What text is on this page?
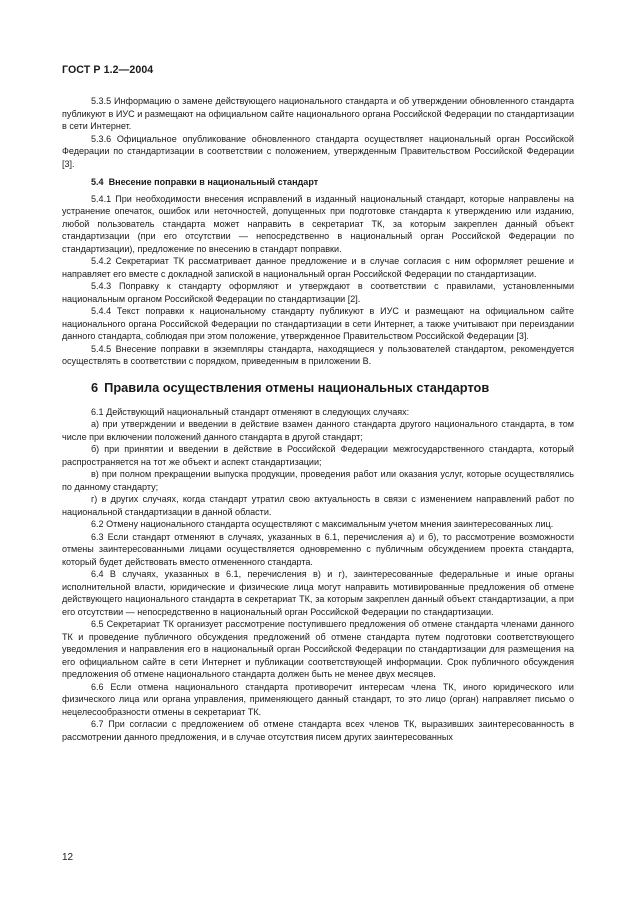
ГОСТ Р 1.2—2004

5.3.5 Информацию о замене действующего национального стандарта и об утверждении обновленного стандарта публикуют в ИУС и размещают на официальном сайте национального органа Российской Федерации по стандартизации в сети Интернет.

5.3.6 Официальное опубликование обновленного стандарта осуществляет национальный орган Российской Федерации по стандартизации в соответствии с положением, утвержденным Правительством Российской Федерации [3].

5.4 Внесение поправки в национальный стандарт

5.4.1 При необходимости внесения исправлений в изданный национальный стандарт, которые направлены на устранение опечаток, ошибок или неточностей, допущенных при подготовке стандарта к утверждению или изданию, любой пользователь стандарта может направить в секретариат ТК, за которым закреплен данный объект стандартизации (при его отсутствии — непосредственно в национальный орган Российской Федерации по стандартизации), предложение по внесению в стандарт поправки.

5.4.2 Секретариат ТК рассматривает данное предложение и в случае согласия с ним оформляет решение и направляет его вместе с докладной запиской в национальный орган Российской Федерации по стандартизации.

5.4.3 Поправку к стандарту оформляют и утверждают в соответствии с правилами, установленными национальным органом Российской Федерации по стандартизации [2].

5.4.4 Текст поправки к национальному стандарту публикуют в ИУС и размещают на официальном сайте национального органа Российской Федерации по стандартизации в сети Интернет, а также учитывают при переиздании данного стандарта, соблюдая при этом положение, утвержденное Правительством Российской Федерации [3].

5.4.5 Внесение поправки в экземпляры стандарта, находящиеся у пользователей стандартом, рекомендуется осуществлять в соответствии с порядком, приведенным в приложении В.

6 Правила осуществления отмены национальных стандартов

6.1 Действующий национальный стандарт отменяют в следующих случаях:

а) при утверждении и введении в действие взамен данного стандарта другого национального стандарта, в том числе при включении положений данного стандарта в другой стандарт;

б) при принятии и введении в действие в Российской Федерации межгосударственного стандарта, который распространяется на тот же объект и аспект стандартизации;

в) при полном прекращении выпуска продукции, проведения работ или оказания услуг, которые осуществлялись по данному стандарту;

г) в других случаях, когда стандарт утратил свою актуальность в связи с изменением направлений работ по национальной стандартизации в данной области.

6.2 Отмену национального стандарта осуществляют с максимальным учетом мнения заинтересованных лиц.

6.3 Если стандарт отменяют в случаях, указанных в 6.1, перечисления а) и б), то рассмотрение возможности отмены заинтересованными лицами осуществляется одновременно с публичным обсуждением проекта стандарта, который будет действовать вместо отмененного стандарта.

6.4 В случаях, указанных в 6.1, перечисления в) и г), заинтересованные федеральные и иные органы исполнительной власти, юридические и физические лица могут направить мотивированные предложения об отмене действующего национального стандарта в секретариат ТК, за которым закреплен данный объект стандартизации, а при его отсутствии — непосредственно в национальный орган Российской Федерации по стандартизации.

6.5 Секретариат ТК организует рассмотрение поступившего предложения об отмене стандарта членами данного ТК и проведение публичного обсуждения предложений об отмене стандарта путем подготовки соответствующего уведомления и направления его в национальный орган Российской Федерации по стандартизации для размещения на его официальном сайте в сети Интернет и публикации соответствующей информации. Срок публичного обсуждения предложения об отмене национального стандарта должен быть не менее двух месяцев.

6.6 Если отмена национального стандарта противоречит интересам члена ТК, иного юридического или физического лица или органа управления, применяющего данный стандарт, то это лицо (орган) направляет письмо о нецелесообразности отмены в секретариат ТК.

6.7 При согласии с предложением об отмене стандарта всех членов ТК, выразивших заинтересованность в рассмотрении данного предложения, и в случае отсутствия писем других заинтересованных

12
